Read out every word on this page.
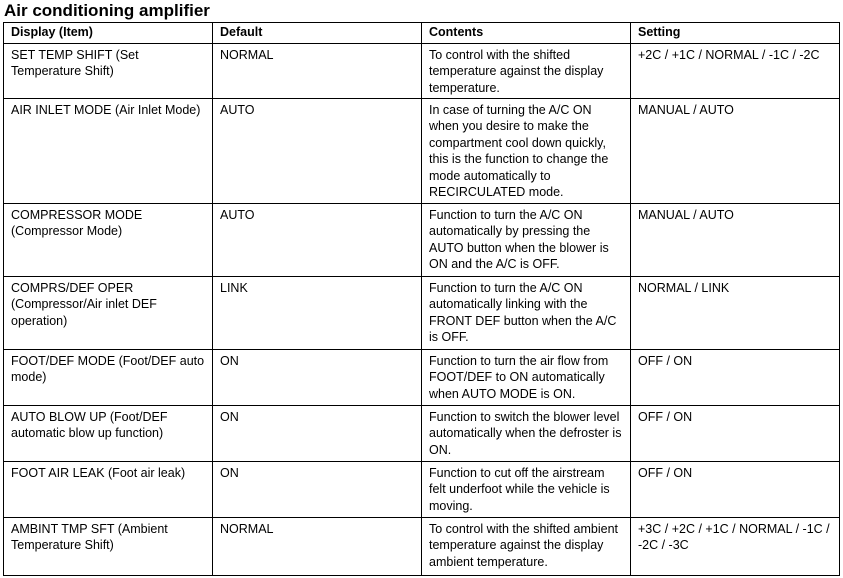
Air conditioning amplifier
Display (Item)	Default	Contents	Setting
SET TEMP SHIFT (Set Temperature Shift)	NORMAL	To control with the shifted temperature against the display temperature.	+2C / +1C / NORMAL / -1C / -2C
AIR INLET MODE (Air Inlet Mode)	AUTO	In case of turning the A/C ON when you desire to make the compartment cool down quickly, this is the function to change the mode automatically to RECIRCULATED mode.	MANUAL / AUTO
COMPRESSOR MODE (Compressor Mode)	AUTO	Function to turn the A/C ON automatically by pressing the AUTO button when the blower is ON and the A/C is OFF.	MANUAL / AUTO
COMPRS/DEF OPER (Compressor/Air inlet DEF operation)	LINK	Function to turn the A/C ON automatically linking with the FRONT DEF button when the A/C is OFF.	NORMAL / LINK
FOOT/DEF MODE (Foot/DEF auto mode)	ON	Function to turn the air flow from FOOT/DEF to ON automatically when AUTO MODE is ON.	OFF / ON
AUTO BLOW UP (Foot/DEF automatic blow up function)	ON	Function to switch the blower level automatically when the defroster is ON.	OFF / ON
FOOT AIR LEAK (Foot air leak)	ON	Function to cut off the airstream felt underfoot while the vehicle is moving.	OFF / ON
AMBINT TMP SFT (Ambient Temperature Shift)	NORMAL	To control with the shifted ambient temperature against the display ambient temperature.	+3C / +2C / +1C / NORMAL / -1C / -2C / -3C
